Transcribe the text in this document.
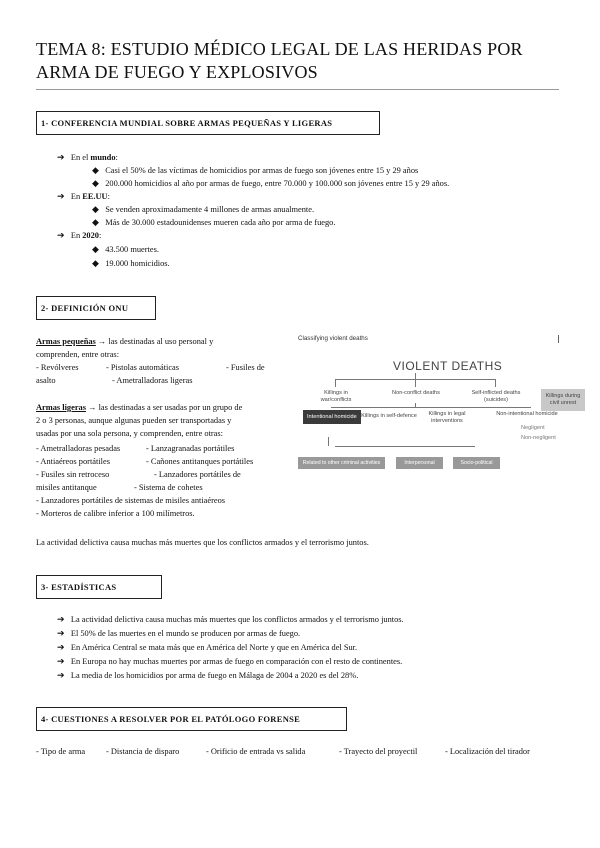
TEMA 8: ESTUDIO MÉDICO LEGAL DE LAS HERIDAS POR
ARMA DE FUEGO Y EXPLOSIVOS
1- CONFERENCIA MUNDIAL SOBRE ARMAS PEQUEÑAS Y LIGERAS
➔ En el mundo:
◆ Casi el 50% de las víctimas de homicidios por armas de fuego son jóvenes entre 15 y 29 años
◆ 200.000 homicidios al año por armas de fuego, entre 70.000 y 100.000 son jóvenes entre 15 y 29 años.
➔ En EE.UU:
◆ Se venden aproximadamente 4 millones de armas anualmente.
◆ Más de 30.000 estadounidenses mueren cada año por arma de fuego.
➔ En 2020:
◆ 43.500 muertes.
◆ 19.000 homicidios.
2- DEFINICIÓN ONU
Armas pequeñas → las destinadas al uso personal y
comprenden, entre otras:
- Revólveres	- Pistolas automáticas	- Fusiles de
asalto	- Ametralladoras ligeras
Armas ligeras → las destinadas a ser usadas por un grupo de
2 o 3 personas, aunque algunas pueden ser transportadas y
usadas por una sola persona, y comprenden, entre otras:
- Ametralladoras pesadas	- Lanzagranadas portátiles
- Antiaéreos portátiles	- Cañones antitanques portátiles
- Fusiles sin retroceso	- Lanzadores portátiles de
misiles antitanque	- Sistema de cohetes
- Lanzadores portátiles de sistemas de misiles antiaéreos
- Morteros de calibre inferior a 100 milímetros.
Classifying violent deaths
VIOLENT DEATHS
Killings in war/conflicts
Non-conflict deaths	Self-inflicted deaths (suicides)
Killings during civil unrest
Intentional homicide Killings in self-defence	Killings in legal interventions
Non-intentional homicide
Negligent
Non-negligent
Related to other criminal activities	Interpersonal	Socio-political
La actividad delictiva causa muchas más muertes que los conflictos armados y el terrorismo juntos.
3- ESTADÍSTICAS
➔ La actividad delictiva causa muchas más muertes que los conflictos armados y el terrorismo juntos.
➔ El 50% de las muertes en el mundo se producen por armas de fuego.
➔ En América Central se mata más que en América del Norte y que en América del Sur.
➔ En Europa no hay muchas muertes por armas de fuego en comparación con el resto de continentes.
➔ La media de los homicidios por arma de fuego en Málaga de 2004 a 2020 es del 28%.
4- CUESTIONES A RESOLVER POR EL PATÓLOGO FORENSE
- Tipo de arma - Distancia de disparo	- Orificio de entrada vs salida	- Trayecto del proyectil	- Localización del tirador
